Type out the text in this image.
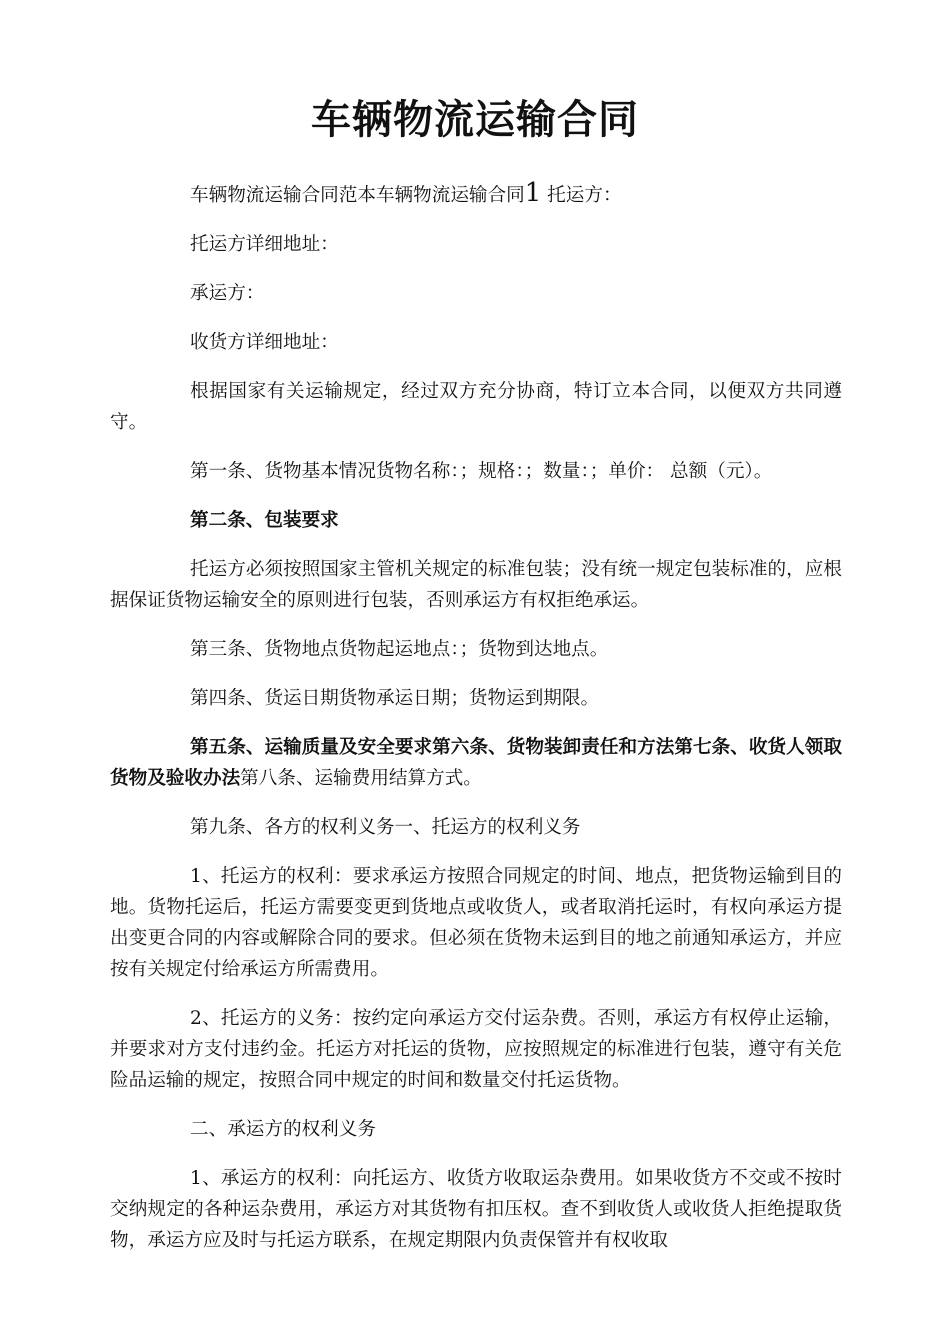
车辆物流运输合同

车辆物流运输合同范本车辆物流运输合同1 托运方：

托运方详细地址：

承运方：

收货方详细地址：

根据国家有关运输规定，经过双方充分协商，特订立本合同，以便双方共同遵守。

第一条、货物基本情况货物名称：；规格：；数量：；单价： 总额（元）。

第二条、包装要求

托运方必须按照国家主管机关规定的标准包装；没有统一规定包装标准的，应根据保证货物运输安全的原则进行包装，否则承运方有权拒绝承运。

第三条、货物地点货物起运地点：；货物到达地点。

第四条、货运日期货物承运日期；货物运到期限。

第五条、运输质量及安全要求第六条、货物装卸责任和方法第七条、收货人领取货物及验收办法第八条、运输费用结算方式。

第九条、各方的权利义务一、托运方的权利义务

1、托运方的权利：要求承运方按照合同规定的时间、地点，把货物运输到目的地。货物托运后，托运方需要变更到货地点或收货人，或者取消托运时，有权向承运方提出变更合同的内容或解除合同的要求。但必须在货物未运到目的地之前通知承运方，并应按有关规定付给承运方所需费用。

2、托运方的义务：按约定向承运方交付运杂费。否则，承运方有权停止运输，并要求对方支付违约金。托运方对托运的货物，应按照规定的标准进行包装，遵守有关危险品运输的规定，按照合同中规定的时间和数量交付托运货物。

二、承运方的权利义务

1、承运方的权利：向托运方、收货方收取运杂费用。如果收货方不交或不按时交纳规定的各种运杂费用，承运方对其货物有扣压权。查不到收货人或收货人拒绝提取货物，承运方应及时与托运方联系，在规定期限内负责保管并有权收取
